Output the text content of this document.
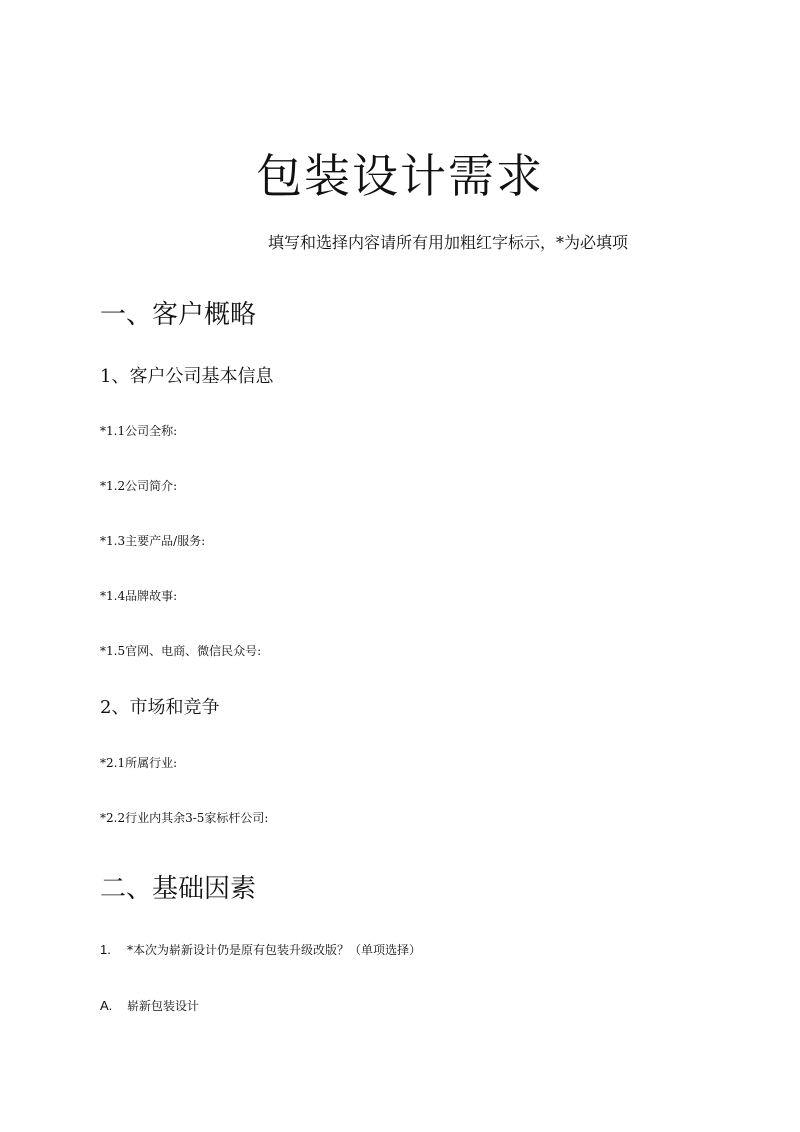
包装设计需求

填写和选择内容请所有用加粗红字标示，*为必填项

一、客户概略
1、客户公司基本信息

*1.1公司全称:

*1.2公司简介:

*1.3主要产品/服务:

*1.4品牌故事:

*1.5官网、电商、微信民众号:

2、市场和竞争

*2.1所属行业:

*2.2行业内其余3-5家标杆公司:

二、基础因素
1.	*本次为崭新设计仍是原有包装升级改版？（单项选择）
A.	崭新包装设计
